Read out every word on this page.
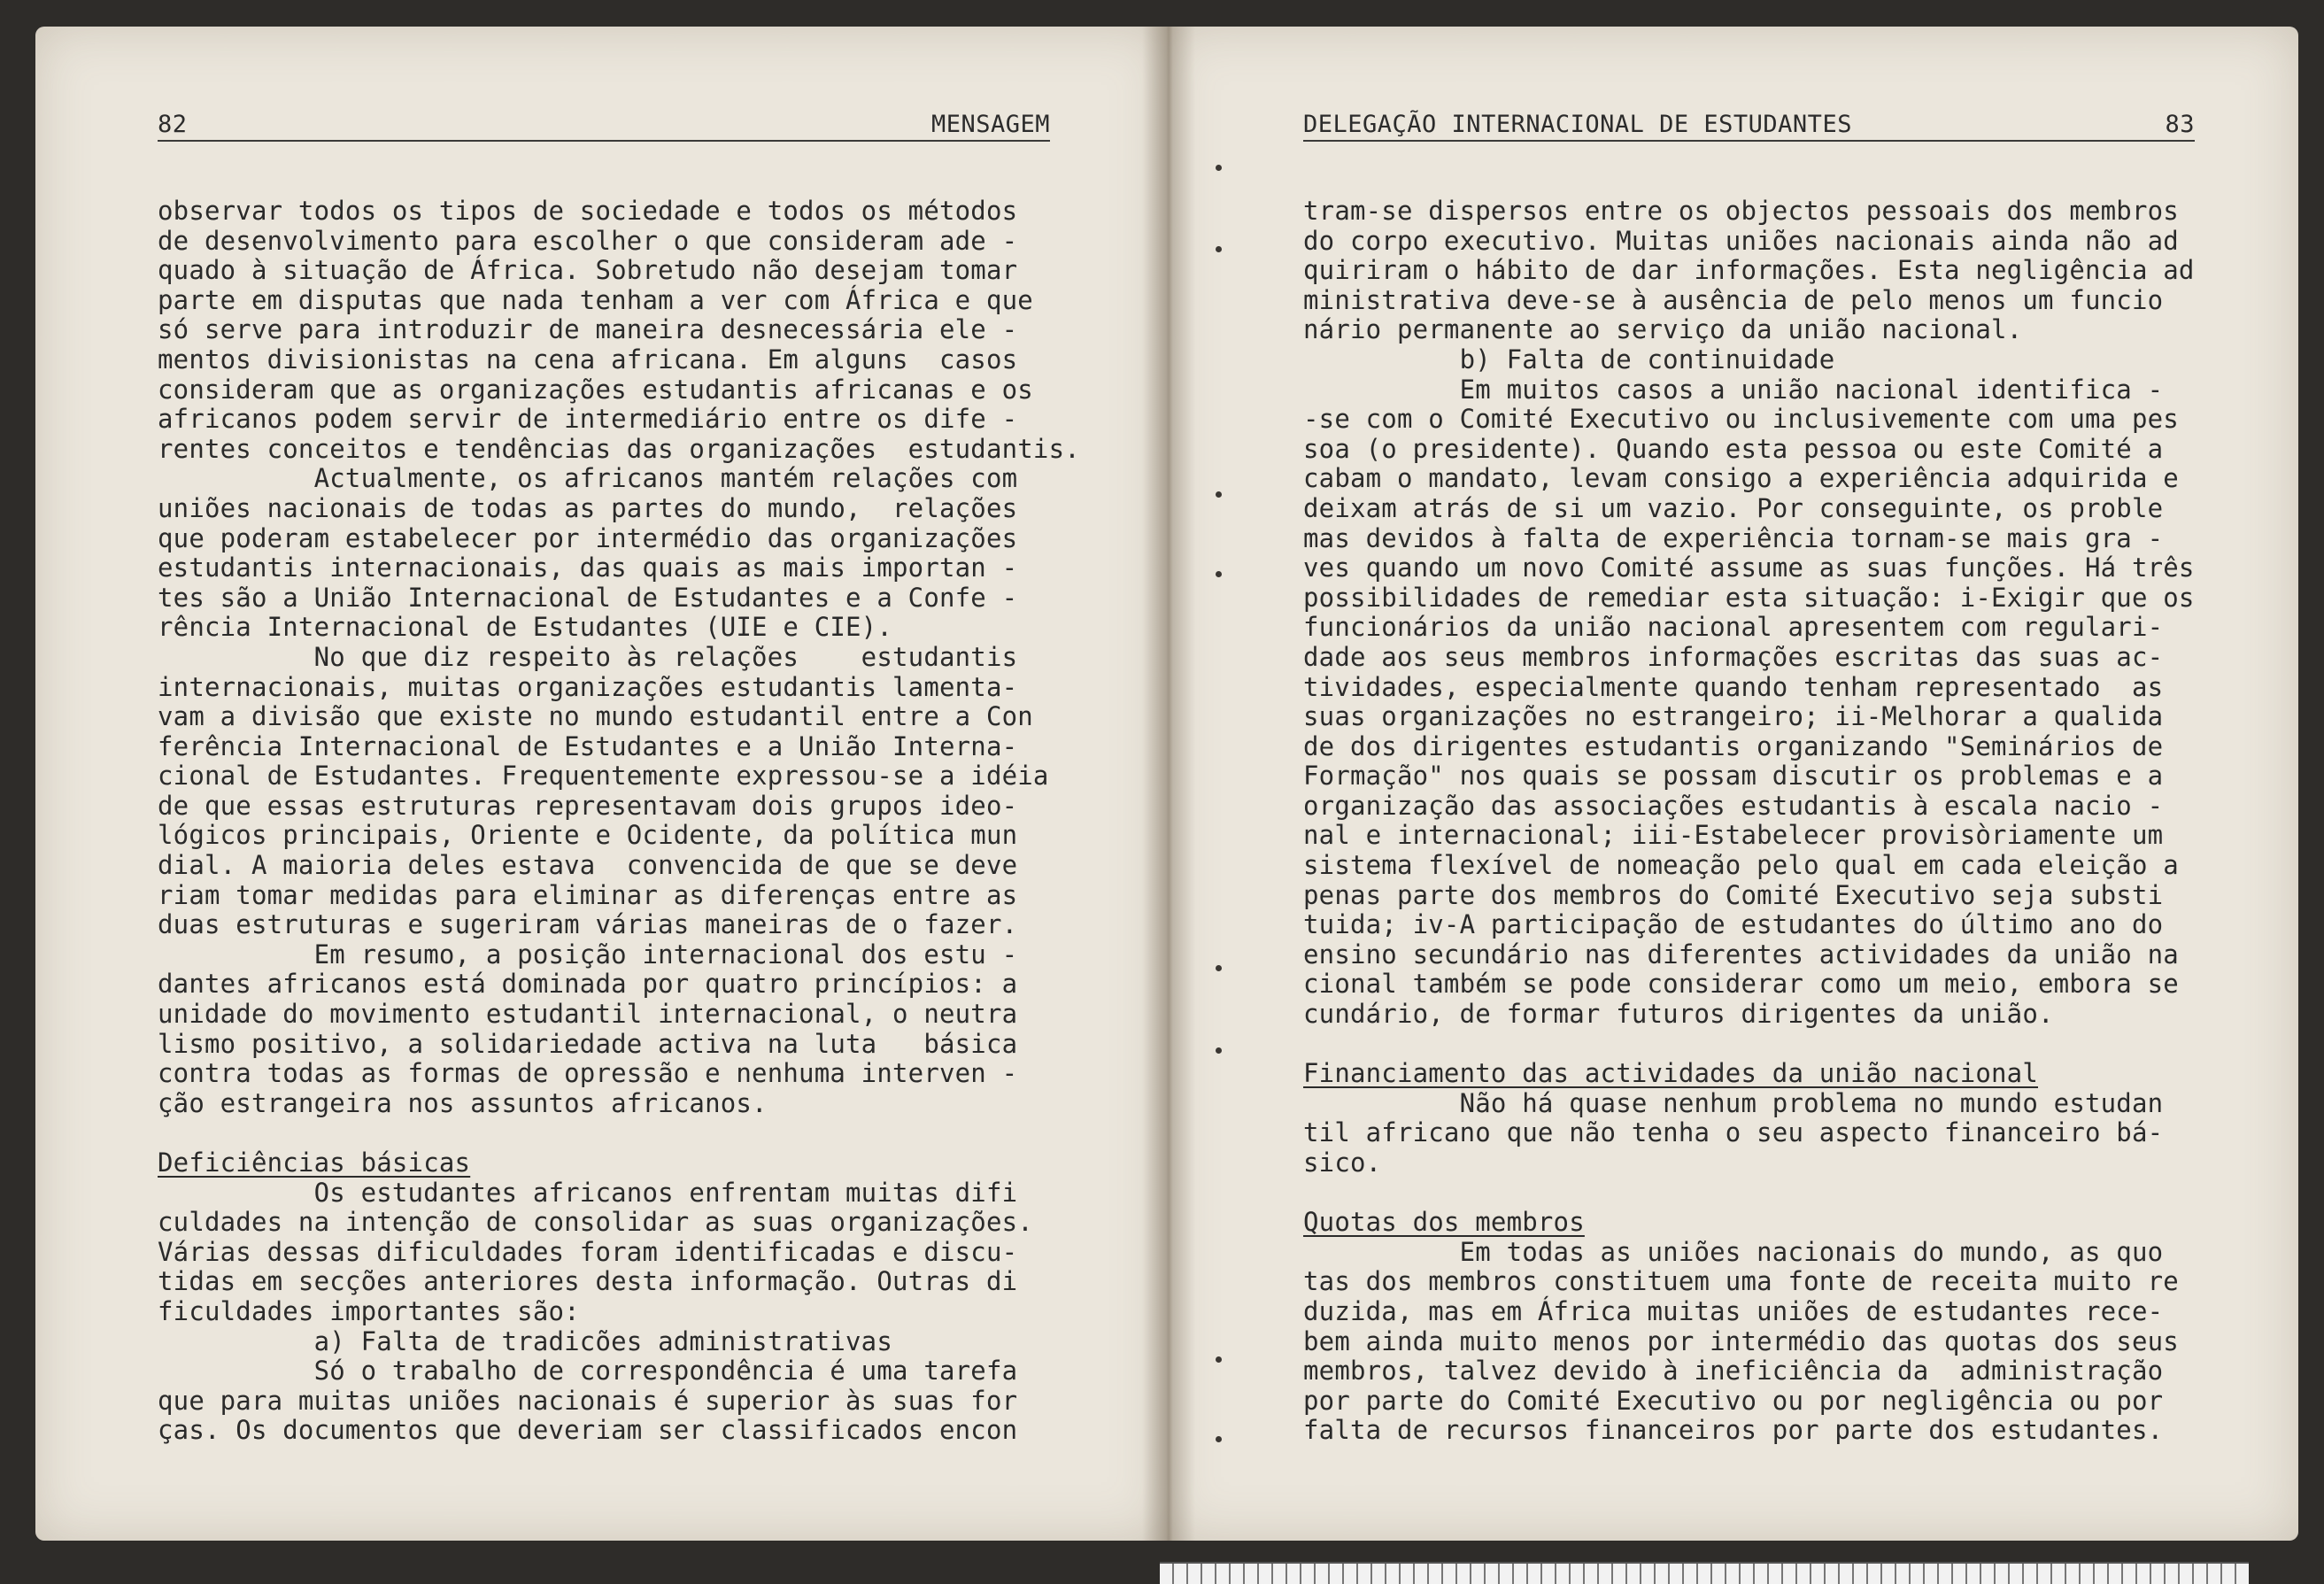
82	MENSAGEM	DELEGAÇÃO INTERNACIONAL DE ESTUDANTES	83
observar todos os tipos de sociedade e todos os métodos
de desenvolvimento para escolher o que consideram ade -
quado à situação de África. Sobretudo não desejam tomar
parte em disputas que nada tenham a ver com África e que
só serve para introduzir de maneira desnecessária ele -
mentos divisionistas na cena africana. Em alguns  casos
consideram que as organizações estudantis africanas e os
africanos podem servir de intermediário entre os dife -
rentes conceitos e tendências das organizações  estudantis.
Actualmente, os africanos mantém relações com
uniões nacionais de todas as partes do mundo,  relações
que poderam estabelecer por intermédio das organizações
estudantis internacionais, das quais as mais importan -
tes são a União Internacional de Estudantes e a Confe -
rência Internacional de Estudantes (UIE e CIE).
No que diz respeito às relações    estudantis
internacionais, muitas organizações estudantis lamenta-
vam a divisão que existe no mundo estudantil entre a Con
ferência Internacional de Estudantes e a União Interna-
cional de Estudantes. Frequentemente expressou-se a idéia
de que essas estruturas representavam dois grupos ideo-
lógicos principais, Oriente e Ocidente, da política mun
dial. A maioria deles estava  convencida de que se deve
riam tomar medidas para eliminar as diferenças entre as
duas estruturas e sugeriram várias maneiras de o fazer.
Em resumo, a posição internacional dos estu -
dantes africanos está dominada por quatro princípios: a
unidade do movimento estudantil internacional, o neutra
lismo positivo, a solidariedade activa na luta   básica
contra todas as formas de opressão e nenhuma interven -
ção estrangeira nos assuntos africanos.
Deficiências básicas
Os estudantes africanos enfrentam muitas difi
culdades na intenção de consolidar as suas organizações.
Várias dessas dificuldades foram identificadas e discu-
tidas em secções anteriores desta informação. Outras di
ficuldades importantes são:
a) Falta de tradicões administrativas
Só o trabalho de correspondência é uma tarefa
que para muitas uniões nacionais é superior às suas for
ças. Os documentos que deveriam ser classificados encon
tram-se dispersos entre os objectos pessoais dos membros
do corpo executivo. Muitas uniões nacionais ainda não ad
quiriram o hábito de dar informações. Esta negligência ad
ministrativa deve-se à ausência de pelo menos um funcio
nário permanente ao serviço da união nacional.
b) Falta de continuidade
Em muitos casos a união nacional identifica -
-se com o Comité Executivo ou inclusivemente com uma pes
soa (o presidente). Quando esta pessoa ou este Comité a
cabam o mandato, levam consigo a experiência adquirida e
deixam atrás de si um vazio. Por conseguinte, os proble
mas devidos à falta de experiência tornam-se mais gra -
ves quando um novo Comité assume as suas funções. Há três
possibilidades de remediar esta situação: i-Exigir que os
funcionários da união nacional apresentem com regulari-
dade aos seus membros informações escritas das suas ac-
tividades, especialmente quando tenham representado  as
suas organizações no estrangeiro; ii-Melhorar a qualida
de dos dirigentes estudantis organizando "Seminários de
Formação" nos quais se possam discutir os problemas e a
organização das associações estudantis à escala nacio -
nal e internacional; iii-Estabelecer provisòriamente um
sistema flexível de nomeação pelo qual em cada eleição a
penas parte dos membros do Comité Executivo seja substi
tuida; iv-A participação de estudantes do último ano do
ensino secundário nas diferentes actividades da união na
cional também se pode considerar como um meio, embora se
cundário, de formar futuros dirigentes da união.
Financiamento das actividades da união nacional
Não há quase nenhum problema no mundo estudan
til africano que não tenha o seu aspecto financeiro bá-
sico.
Quotas dos membros
Em todas as uniões nacionais do mundo, as quo
tas dos membros constituem uma fonte de receita muito re
duzida, mas em África muitas uniões de estudantes rece-
bem ainda muito menos por intermédio das quotas dos seus
membros, talvez devido à ineficiência da  administração
por parte do Comité Executivo ou por negligência ou por
falta de recursos financeiros por parte dos estudantes.
